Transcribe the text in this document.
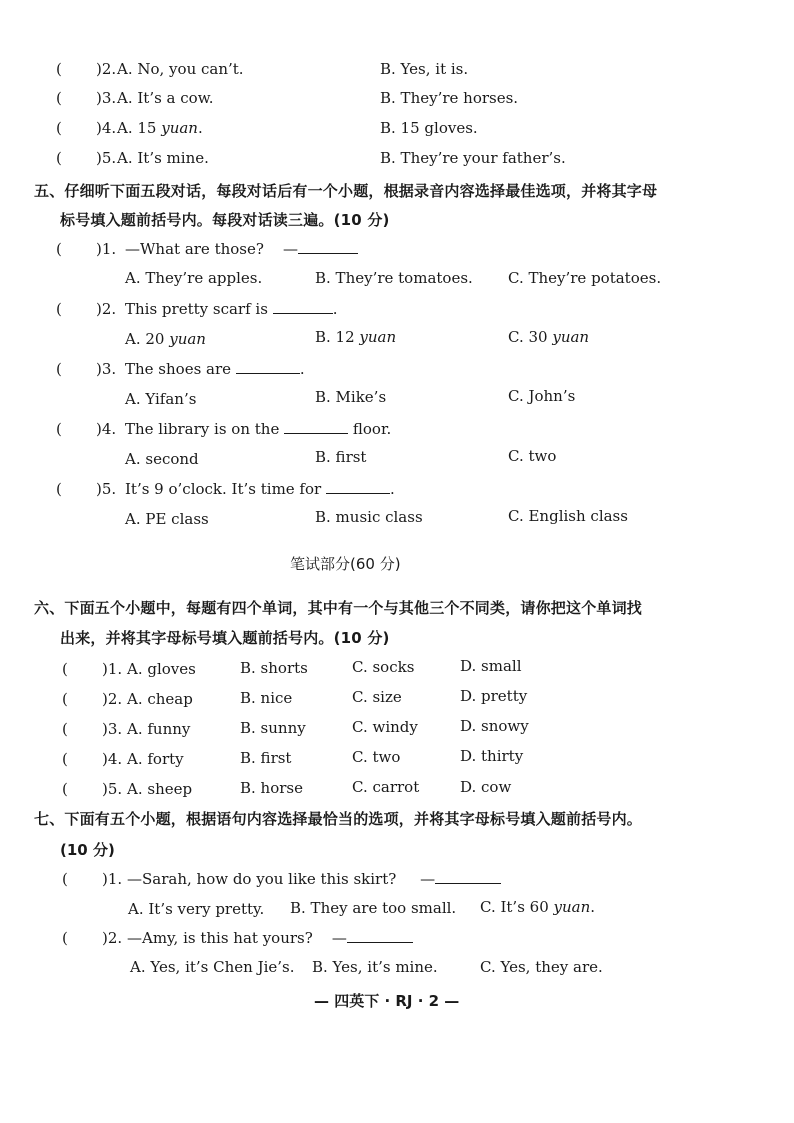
( )2. A. No, you can’t.	B. Yes, it is.
( )3. A. It’s a cow.	B. They’re horses.
( )4. A. 15 yuan.	B. 15 gloves.
( )5. A. It’s mine.	B. They’re your father’s.
五、仔细听下面五段对话，每段对话后有一个小题，根据录音内容选择最佳选项，并将其字母
标号填入题前括号内。每段对话读三遍。(10 分)
( )1. —What are those? —
A. They’re apples.	B. They’re tomatoes. C. They’re potatoes.
( )2. This pretty scarf is	.
A. 20 yuan	B. 12 yuan	C. 30 yuan
( )3. The shoes are	.
A. Yifan’s	B. Mike’s	C. John’s
( )4. The library is on the	floor.
A. second	B. first	C. two
( )5. It’s 9 o’clock. It’s time for	.
A. PE class	B. music class	C. English class
笔试部分(60 分)
六、下面五个小题中，每题有四个单词，其中有一个与其他三个不同类，请你把这个单词找
出来，并将其字母标号填入题前括号内。(10 分)
( )1. A. gloves	B. shorts	C. socks	D. small
( )2. A. cheap	B. nice	C. size	D. pretty
( )3. A. funny	B. sunny	C. windy	D. snowy
( )4. A. forty	B. first	C. two	D. thirty
( )5. A. sheep	B. horse	C. carrot	D. cow
七、下面有五个小题，根据语句内容选择最恰当的选项，并将其字母标号填入题前括号内。
(10 分)
( )1. —Sarah, how do you like this skirt? —
A. It’s very pretty. B. They are too small. C. It’s 60 yuan.
( )2. —Amy, is this hat yours? —
A. Yes, it’s Chen Jie’s. B. Yes, it’s mine.	C. Yes, they are.
— 四英下 · RJ · 2 —
